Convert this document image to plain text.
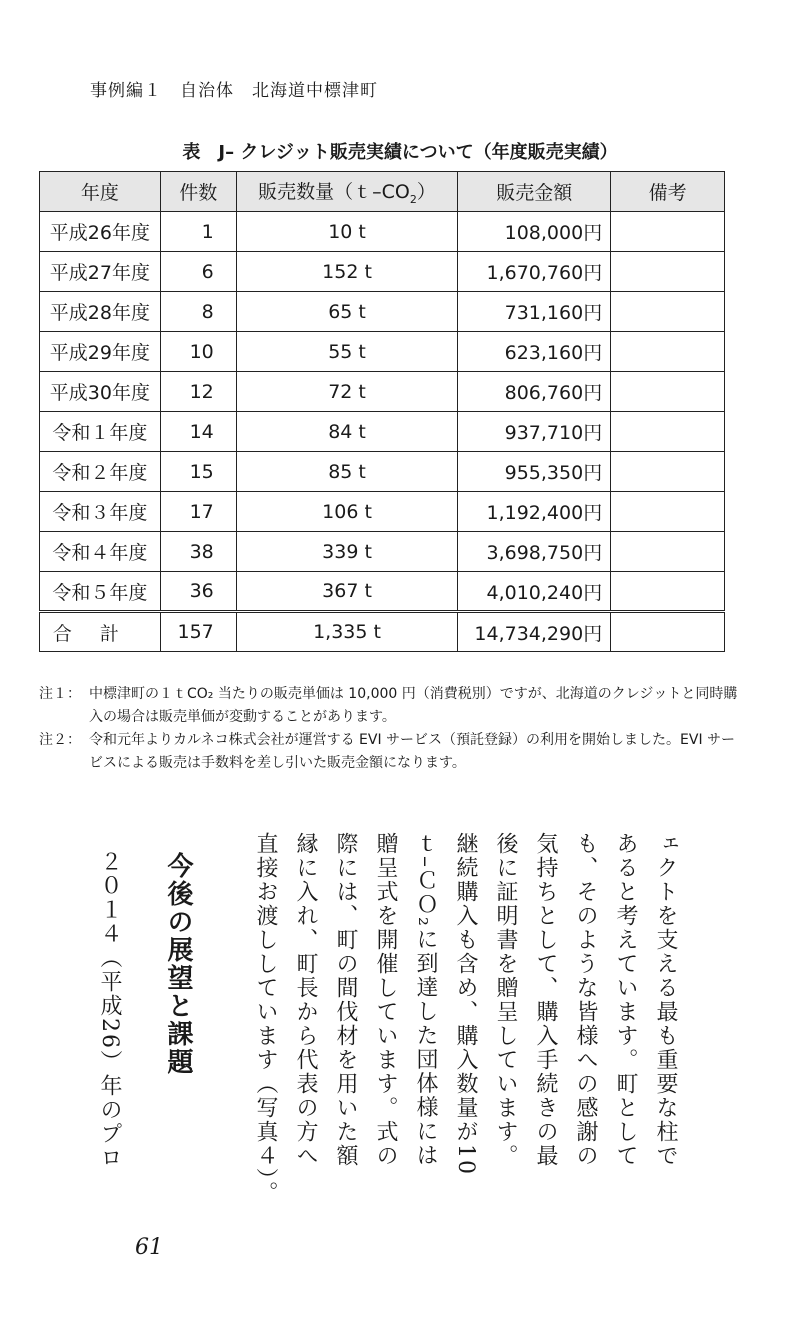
事例編１　自治体　北海道中標津町
表　J– クレジット販売実績について（年度販売実績）
年度	件数	販売数量$(t-CO_2)$	販売金額	備考
平成26年度	1	10 t	108,000円	
平成27年度	6	152 t	1,670,760円	
平成28年度	8	65 t	731,160円	
平成29年度	10	55 t	623,160円	
平成30年度	12	72 t	806,760円	
令和１年度	14	84 t	937,710円	
令和２年度	15	85 t	955,350円	
令和３年度	17	106 t	1,192,400円	
令和４年度	38	339 t	3,698,750円	
令和５年度	36	367 t	4,010,240円	
合計	157	1,335 t	14,734,290円	
注１： 中標津町の１ｔCO₂ 当たりの販売単価は 10,000 円（消費税別）ですが、北海道のクレジットと同時購入の場合は販売単価が変動することがあります。
注２： 令和元年よりカルネコ株式会社が運営する EVI サービス（預託登録）の利用を開始しました。EVI サービスによる販売は手数料を差し引いた販売金額になります。
ェクトを支える最も重要な柱で
あると考えています。町として
も、そのような皆様への感謝の
気持ちとして、購入手続きの最
後に証明書を贈呈しています。
継続購入も含め、購入数量が10
ｔ–ＣＯ₂に到達した団体様には
贈呈式を開催しています。式の
際には、町の間伐材を用いた額
縁に入れ、町長から代表の方へ
直接お渡ししています（写真４）。
今後の展望と課題
２０１４（平成26）年のプロ
61
